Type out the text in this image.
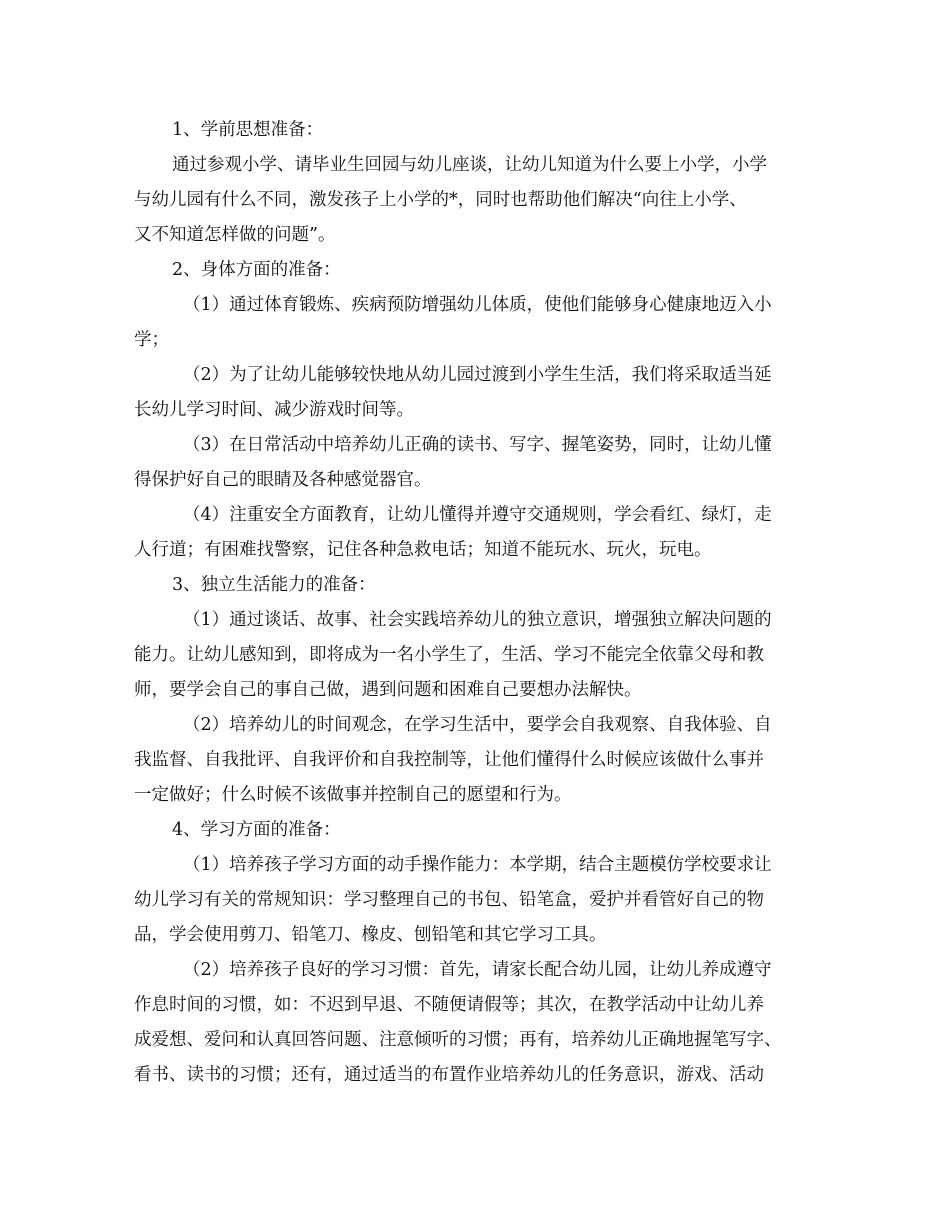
1、学前思想准备：
通过参观小学、请毕业生回园与幼儿座谈，让幼儿知道为什么要上小学，小学
与幼儿园有什么不同，激发孩子上小学的*，同时也帮助他们解决“向往上小学、
又不知道怎样做的问题”。
2、身体方面的准备：
（1）通过体育锻炼、疾病预防增强幼儿体质，使他们能够身心健康地迈入小
学；
（2）为了让幼儿能够较快地从幼儿园过渡到小学生生活，我们将采取适当延
长幼儿学习时间、减少游戏时间等。
（3）在日常活动中培养幼儿正确的读书、写字、握笔姿势，同时，让幼儿懂
得保护好自己的眼睛及各种感觉器官。
（4）注重安全方面教育，让幼儿懂得并遵守交通规则，学会看红、绿灯，走
人行道；有困难找警察，记住各种急救电话；知道不能玩水、玩火，玩电。
3、独立生活能力的准备：
（1）通过谈话、故事、社会实践培养幼儿的独立意识，增强独立解决问题的
能力。让幼儿感知到，即将成为一名小学生了，生活、学习不能完全依靠父母和教
师，要学会自己的事自己做，遇到问题和困难自己要想办法解快。
（2）培养幼儿的时间观念，在学习生活中，要学会自我观察、自我体验、自
我监督、自我批评、自我评价和自我控制等，让他们懂得什么时候应该做什么事并
一定做好；什么时候不该做事并控制自己的愿望和行为。
4、学习方面的准备：
（1）培养孩子学习方面的动手操作能力：本学期，结合主题模仿学校要求让
幼儿学习有关的常规知识：学习整理自己的书包、铅笔盒，爱护并看管好自己的物
品，学会使用剪刀、铅笔刀、橡皮、刨铅笔和其它学习工具。
（2）培养孩子良好的学习习惯：首先，请家长配合幼儿园，让幼儿养成遵守
作息时间的习惯，如：不迟到早退、不随便请假等；其次，在教学活动中让幼儿养
成爱想、爱问和认真回答问题、注意倾听的习惯；再有，培养幼儿正确地握笔写字、
看书、读书的习惯；还有，通过适当的布置作业培养幼儿的任务意识，游戏、活动
